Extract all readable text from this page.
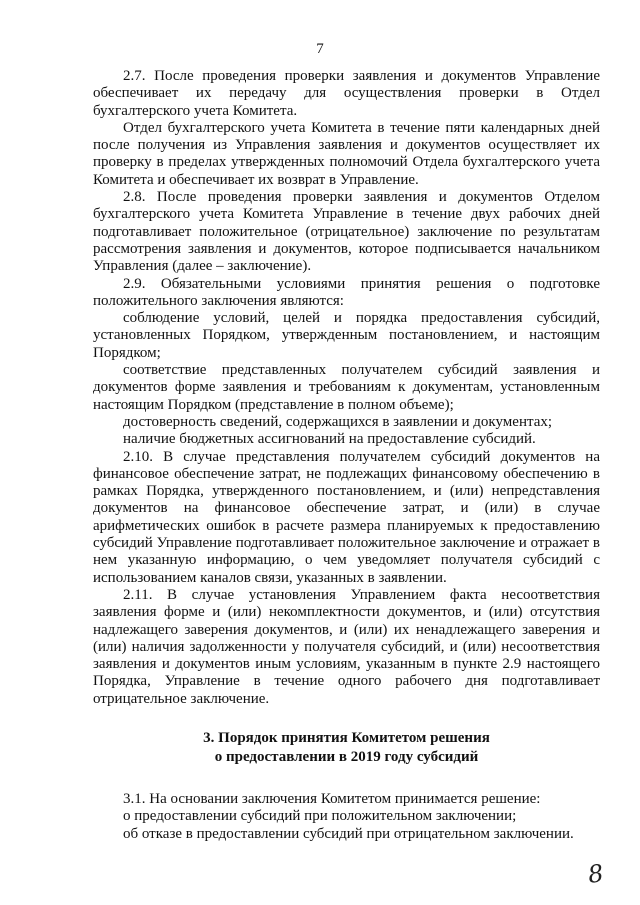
7

2.7. После проведения проверки заявления и документов Управление обеспечивает их передачу для осуществления проверки в Отдел бухгалтерского учета Комитета.

Отдел бухгалтерского учета Комитета в течение пяти календарных дней после получения из Управления заявления и документов осуществляет их проверку в пределах утвержденных полномочий Отдела бухгалтерского учета Комитета и обеспечивает их возврат в Управление.

2.8. После проведения проверки заявления и документов Отделом бухгалтерского учета Комитета Управление в течение двух рабочих дней подготавливает положительное (отрицательное) заключение по результатам рассмотрения заявления и документов, которое подписывается начальником Управления (далее – заключение).

2.9. Обязательными условиями принятия решения о подготовке положительного заключения являются:

соблюдение условий, целей и порядка предоставления субсидий, установленных Порядком, утвержденным постановлением, и настоящим Порядком;

соответствие представленных получателем субсидий заявления и документов форме заявления и требованиям к документам, установленным настоящим Порядком (представление в полном объеме);

достоверность сведений, содержащихся в заявлении и документах;

наличие бюджетных ассигнований на предоставление субсидий.

2.10. В случае представления получателем субсидий документов на финансовое обеспечение затрат, не подлежащих финансовому обеспечению в рамках Порядка, утвержденного постановлением, и (или) непредставления документов на финансовое обеспечение затрат, и (или) в случае арифметических ошибок в расчете размера планируемых к предоставлению субсидий Управление подготавливает положительное заключение и отражает в нем указанную информацию, о чем уведомляет получателя субсидий с использованием каналов связи, указанных в заявлении.

2.11. В случае установления Управлением факта несоответствия заявления форме и (или) некомплектности документов, и (или) отсутствия надлежащего заверения документов, и (или) их ненадлежащего заверения и (или) наличия задолженности у получателя субсидий, и (или) несоответствия заявления и документов иным условиям, указанным в пункте 2.9 настоящего Порядка, Управление в течение одного рабочего дня подготавливает отрицательное заключение.

3. Порядок принятия Комитетом решения
о предоставлении в 2019 году субсидий

3.1. На основании заключения Комитетом принимается решение:

о предоставлении субсидий при положительном заключении;

об отказе в предоставлении субсидий при отрицательном заключении.

8
